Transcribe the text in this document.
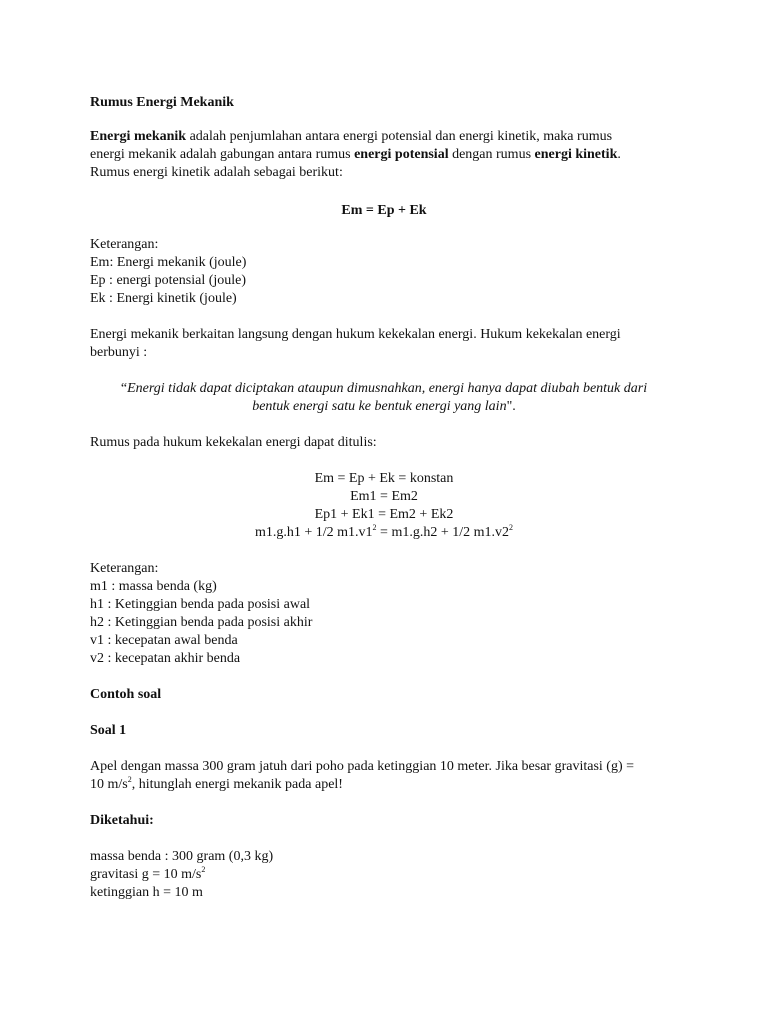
Rumus Energi Mekanik
Energi mekanik adalah penjumlahan antara energi potensial dan energi kinetik, maka rumus
energi mekanik adalah gabungan antara rumus energi potensial dengan rumus energi kinetik.
Rumus energi kinetik adalah sebagai berikut:
Em = Ep + Ek
Keterangan:
Em: Energi mekanik (joule)
Ep : energi potensial (joule)
Ek : Energi kinetik (joule)
Energi mekanik berkaitan langsung dengan hukum kekekalan energi. Hukum kekekalan energi
berbunyi :
“Energi tidak dapat diciptakan ataupun dimusnahkan, energi hanya dapat diubah bentuk dari
bentuk energi satu ke bentuk energi yang lain".
Rumus pada hukum kekekalan energi dapat ditulis:
Em = Ep + Ek = konstan
Em1 = Em2
Ep1 + Ek1 = Em2 + Ek2
m1.g.h1 + 1/2 $m1.v1^2 = m1.g.h2 + 1/2$ $m1.v2^2$
Keterangan:
m1 : massa benda (kg)
h1 : Ketinggian benda pada posisi awal
h2 : Ketinggian benda pada posisi akhir
v1 : kecepatan awal benda
v2 : kecepatan akhir benda
Contoh soal
Soal 1
Apel dengan massa 300 gram jatuh dari poho pada ketinggian 10 meter. Jika besar gravitasi (g) =
10 $m/s^2$, hitunglah energi mekanik pada apel!
Diketahui:
massa benda : 300 gram (0,3 kg)
gravitasi g = 10 $m/s^2$
ketinggian h = 10 m
